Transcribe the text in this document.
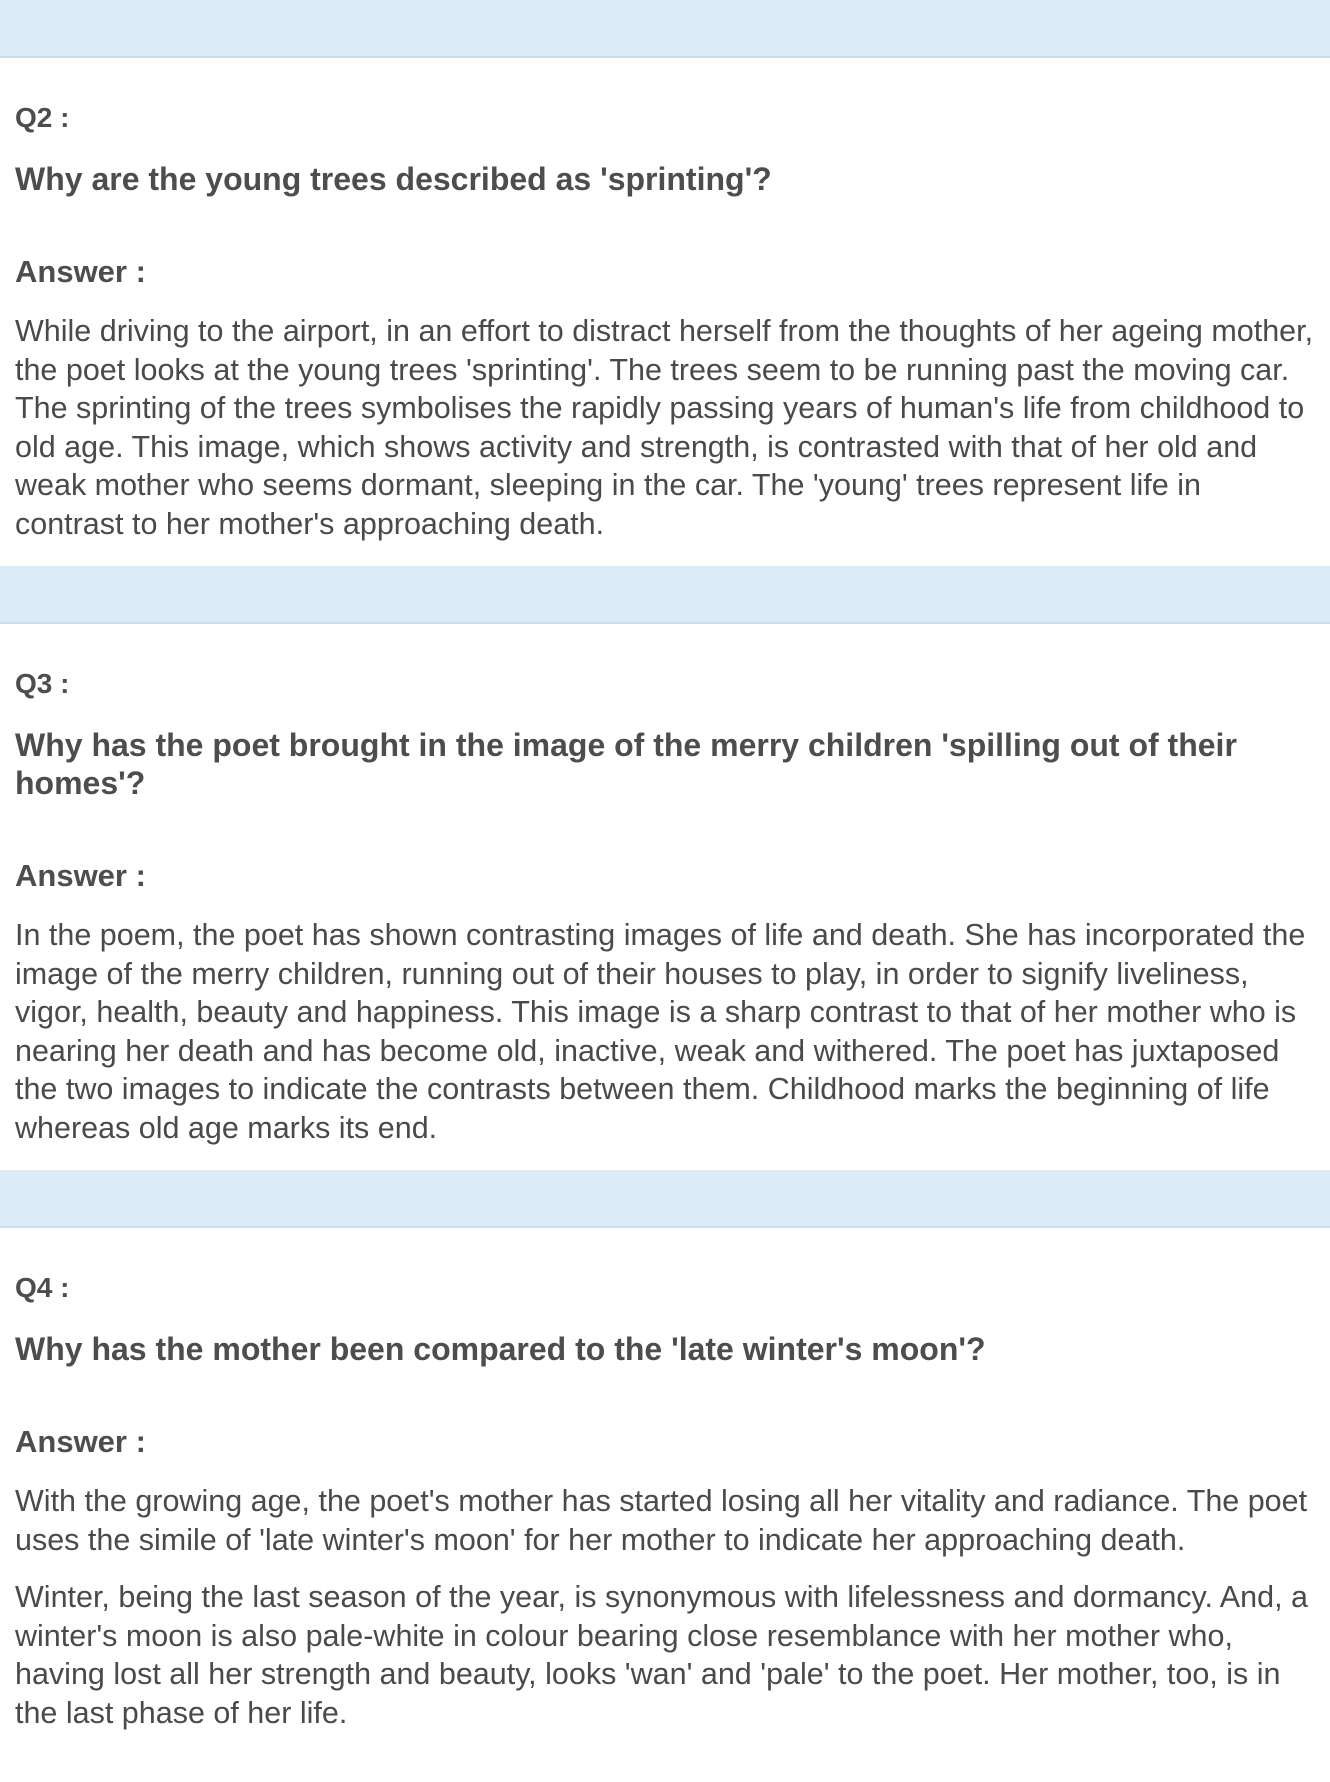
Q2 :

Why are the young trees described as 'sprinting'?

Answer :

While driving to the airport, in an effort to distract herself from the thoughts of her ageing mother, the poet looks at the young trees 'sprinting'. The trees seem to be running past the moving car. The sprinting of the trees symbolises the rapidly passing years of human's life from childhood to old age. This image, which shows activity and strength, is contrasted with that of her old and weak mother who seems dormant, sleeping in the car. The 'young' trees represent life in contrast to her mother's approaching death.

Q3 :

Why has the poet brought in the image of the merry children 'spilling out of their homes'?

Answer :

In the poem, the poet has shown contrasting images of life and death. She has incorporated the image of the merry children, running out of their houses to play, in order to signify liveliness, vigor, health, beauty and happiness. This image is a sharp contrast to that of her mother who is nearing her death and has become old, inactive, weak and withered. The poet has juxtaposed the two images to indicate the contrasts between them. Childhood marks the beginning of life whereas old age marks its end.

Q4 :

Why has the mother been compared to the 'late winter's moon'?

Answer :

With the growing age, the poet's mother has started losing all her vitality and radiance. The poet uses the simile of 'late winter's moon' for her mother to indicate her approaching death.

Winter, being the last season of the year, is synonymous with lifelessness and dormancy. And, a winter's moon is also pale-white in colour bearing close resemblance with her mother who, having lost all her strength and beauty, looks 'wan' and 'pale' to the poet. Her mother, too, is in the last phase of her life.
